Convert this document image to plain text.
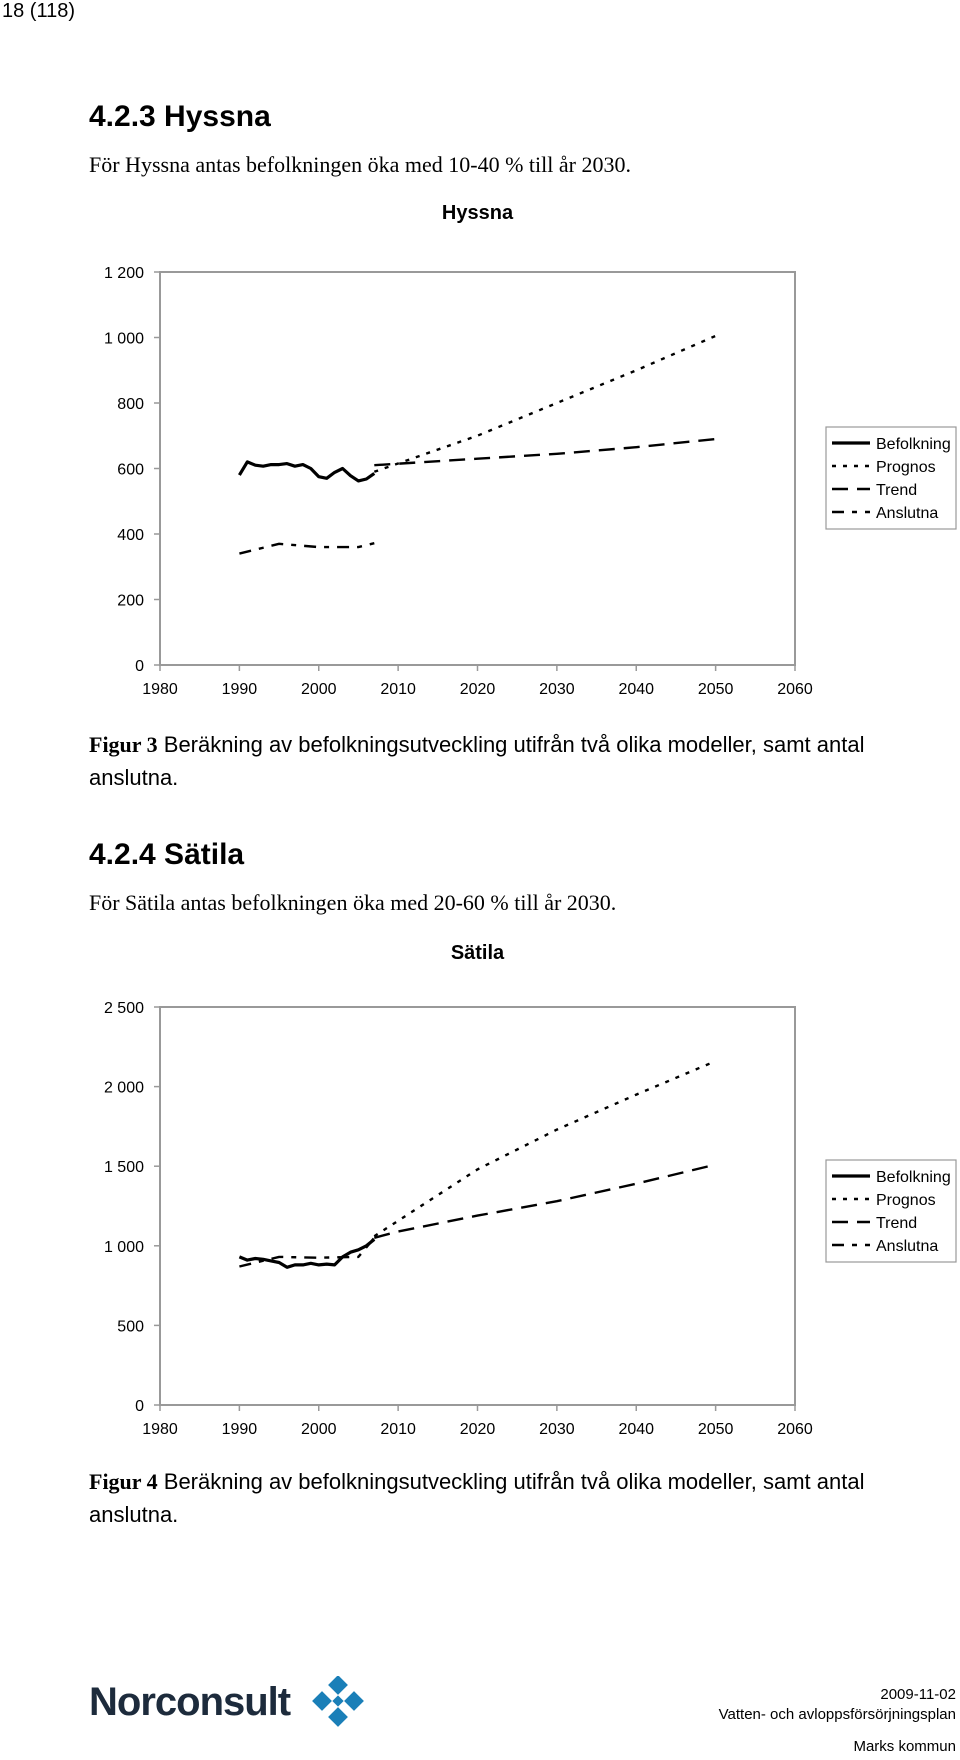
18 (118)
4.2.3 Hyssna
För Hyssna antas befolkningen öka med 10-40 % till år 2030.
Hyssna
0
200
400
600
800
1 000
1 200
1980	1990	2000	2010	2020	2030	2040	2050	2060
Befolkning
Prognos
Trend
Anslutna
Figur 3 Beräkning av befolkningsutveckling utifrån två olika modeller, samt antal anslutna.
4.2.4 Sätila
För Sätila antas befolkningen öka med 20-60 % till år 2030.
Sätila
0
500
1 000
1 500
2 000
2 500
1980	1990	2000	2010	2020	2030	2040	2050	2060
Befolkning
Prognos
Trend
Anslutna
Figur 4 Beräkning av befolkningsutveckling utifrån två olika modeller, samt antal anslutna.
Norconsult	2009-11-02
Vatten- och avloppsförsörjningsplan
Marks kommun
